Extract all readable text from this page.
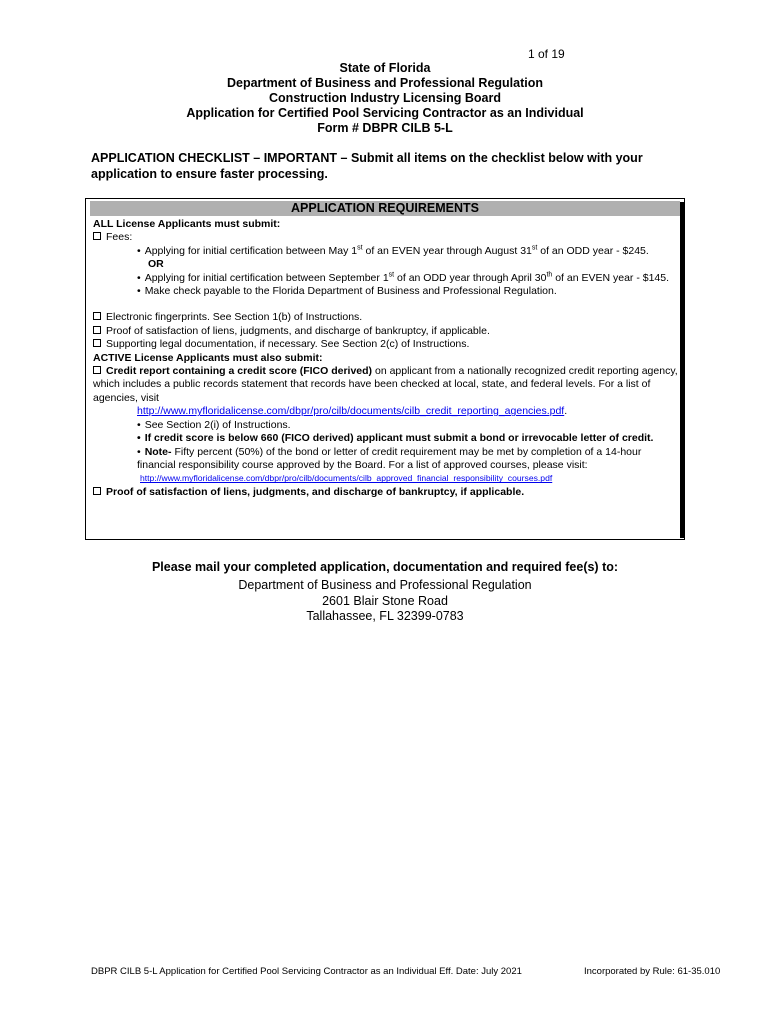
1 of 19
State of Florida
Department of Business and Professional Regulation
Construction Industry Licensing Board
Application for Certified Pool Servicing Contractor as an Individual
Form # DBPR CILB 5-L
APPLICATION CHECKLIST – IMPORTANT – Submit all items on the checklist below with your application to ensure faster processing.
APPLICATION REQUIREMENTS
ALL License Applicants must submit:
Fees:
• Applying for initial certification between May 1st of an EVEN year through August 31st of an ODD year - $245.
OR
• Applying for initial certification between September 1st of an ODD year through April 30th of an EVEN year - $145.
• Make check payable to the Florida Department of Business and Professional Regulation.
Electronic fingerprints. See Section 1(b) of Instructions.
Proof of satisfaction of liens, judgments, and discharge of bankruptcy, if applicable.
Supporting legal documentation, if necessary. See Section 2(c) of Instructions.
ACTIVE License Applicants must also submit:
Credit report containing a credit score (FICO derived) on applicant from a nationally recognized credit reporting agency, which includes a public records statement that records have been checked at local, state, and federal levels. For a list of agencies, visit
http://www.myfloridalicense.com/dbpr/pro/cilb/documents/cilb_credit_reporting_agencies.pdf.
• See Section 2(i) of Instructions.
• If credit score is below 660 (FICO derived) applicant must submit a bond or irrevocable letter of credit.
• Note- Fifty percent (50%) of the bond or letter of credit requirement may be met by completion of a 14-hour financial responsibility course approved by the Board. For a list of approved courses, please visit:
http://www.myfloridalicense.com/dbpr/pro/cilb/documents/cilb_approved_financial_responsibility_courses.pdf
Proof of satisfaction of liens, judgments, and discharge of bankruptcy, if applicable.
Please mail your completed application, documentation and required fee(s) to:
Department of Business and Professional Regulation
2601 Blair Stone Road
Tallahassee, FL 32399-0783
DBPR CILB 5-L Application for Certified Pool Servicing Contractor as an Individual Eff. Date: July 2021	Incorporated by Rule: 61-35.010
